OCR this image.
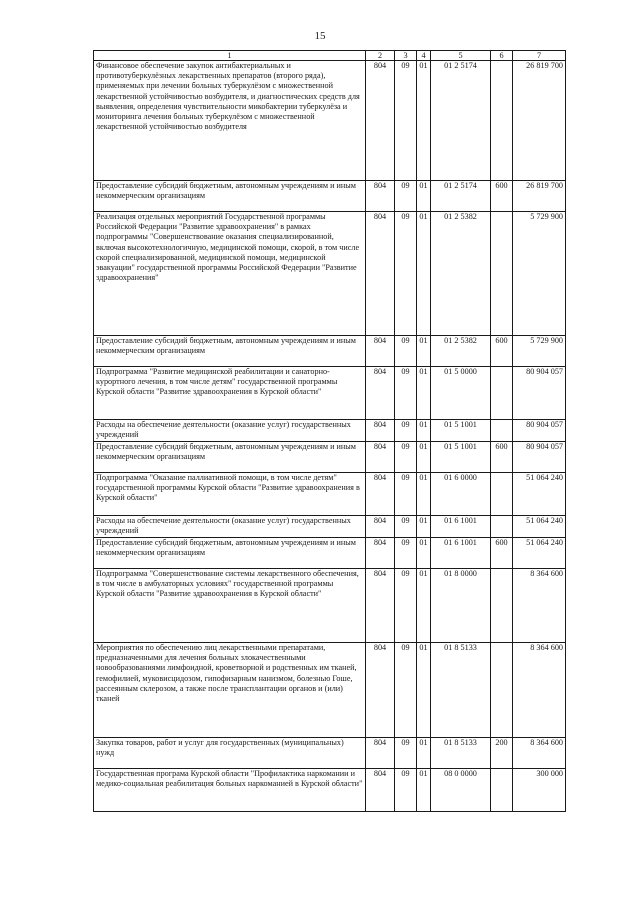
15
1	2	3	4	5	6	7
Финансовое обеспечение закупок антибактериальных и противотуберкулёзных лекарственных препаратов (второго ряда), применяемых при лечении больных туберкулёзом с множественной лекарственной устойчивостью возбудителя, и диагностических средств для выявления, определения чувствительности микобактерии туберкулёза и мониторинга лечения больных туберкулёзом с множественной лекарственной устойчивостью возбудителя	804	09	01	01 2 5174		26 819 700
Предоставление субсидий бюджетным, автономным учреждениям и иным некоммерческим организациям	804	09	01	01 2 5174	600	26 819 700
Реализация отдельных мероприятий Государственной программы Российской Федерации "Развитие здравоохранения" в рамках подпрограммы "Совершенствование оказания специализированной, включая высокотехнологичную, медицинской помощи, скорой, в том числе скорой специализированной, медицинской помощи, медицинской эвакуации" государственной программы Российской Федерации "Развитие здравоохранения"	804	09	01	01 2 5382		5 729 900
Предоставление субсидий бюджетным, автономным учреждениям и иным некоммерческим организациям	804	09	01	01 2 5382	600	5 729 900
Подпрограмма "Развитие медицинской реабилитации и санаторно-курортного лечения, в том числе детям" государственной программы Курской области "Развитие здравоохранения в Курской области"	804	09	01	01 5 0000		80 904 057
Расходы на обеспечение деятельности (оказание услуг) государственных учреждений	804	09	01	01 5 1001		80 904 057
Предоставление субсидий бюджетным, автономным учреждениям и иным некоммерческим организациям	804	09	01	01 5 1001	600	80 904 057
Подпрограмма "Оказание паллиативной помощи, в том числе детям" государственной программы Курской области "Развитие здравоохранения в Курской области"	804	09	01	01 6 0000		51 064 240
Расходы на обеспечение деятельности (оказание услуг) государственных учреждений	804	09	01	01 6 1001		51 064 240
Предоставление субсидий бюджетным, автономным учреждениям и иным некоммерческим организациям	804	09	01	01 6 1001	600	51 064 240
Подпрограмма "Совершенствование системы лекарственного обеспечения, в том числе в амбулаторных условиях" государственной программы Курской области "Развитие здравоохранения в Курской области"	804	09	01	01 8 0000		8 364 600
Мероприятия по обеспечению лиц лекарственными препаратами, предназначенными для лечения больных злокачественными новообразованиями лимфоидной, кроветворной и родственных им тканей, гемофилией, муковисцидозом, гипофизарным нанизмом, болезнью Гоше, рассеянным склерозом, а также после трансплантации органов и (или) тканей	804	09	01	01 8 5133		8 364 600
Закупка товаров, работ и услуг для государственных (муниципальных) нужд	804	09	01	01 8 5133	200	8 364 600
Государственная програма Курской области "Профилактика наркомании и медико-социальная реабилитация больных наркоманией в Курской области"	804	09	01	08 0 0000		300 000
